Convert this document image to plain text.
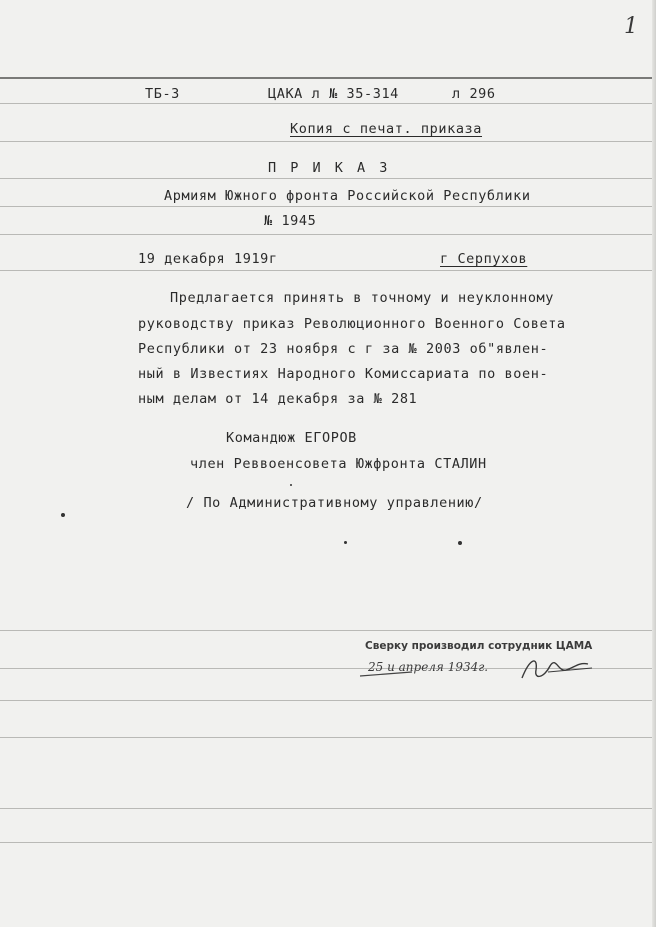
1
ТБ-3	ЦАКА л № 35-314	л 296
Копия с печат. приказа
П Р И К А З
Армиям Южного фронта Российской Республики
№ 1945
19 декабря 1919г	г Серпухов
Предлагается принять в точному и неуклонному
руководству приказ Революционного Военного Совета
Республики от 23 ноября с г за № 2003 об"явлен-
ный в Известиях Народного Комиссариата по воен-
ным делам от 14 декабря за № 281
Командюж ЕГОРОВ
член Реввоенсовета Южфронта СТАЛИН
/ По Административному управлению/
Сверку производил сотрудник ЦАМА
25 и апреля 1934г.
